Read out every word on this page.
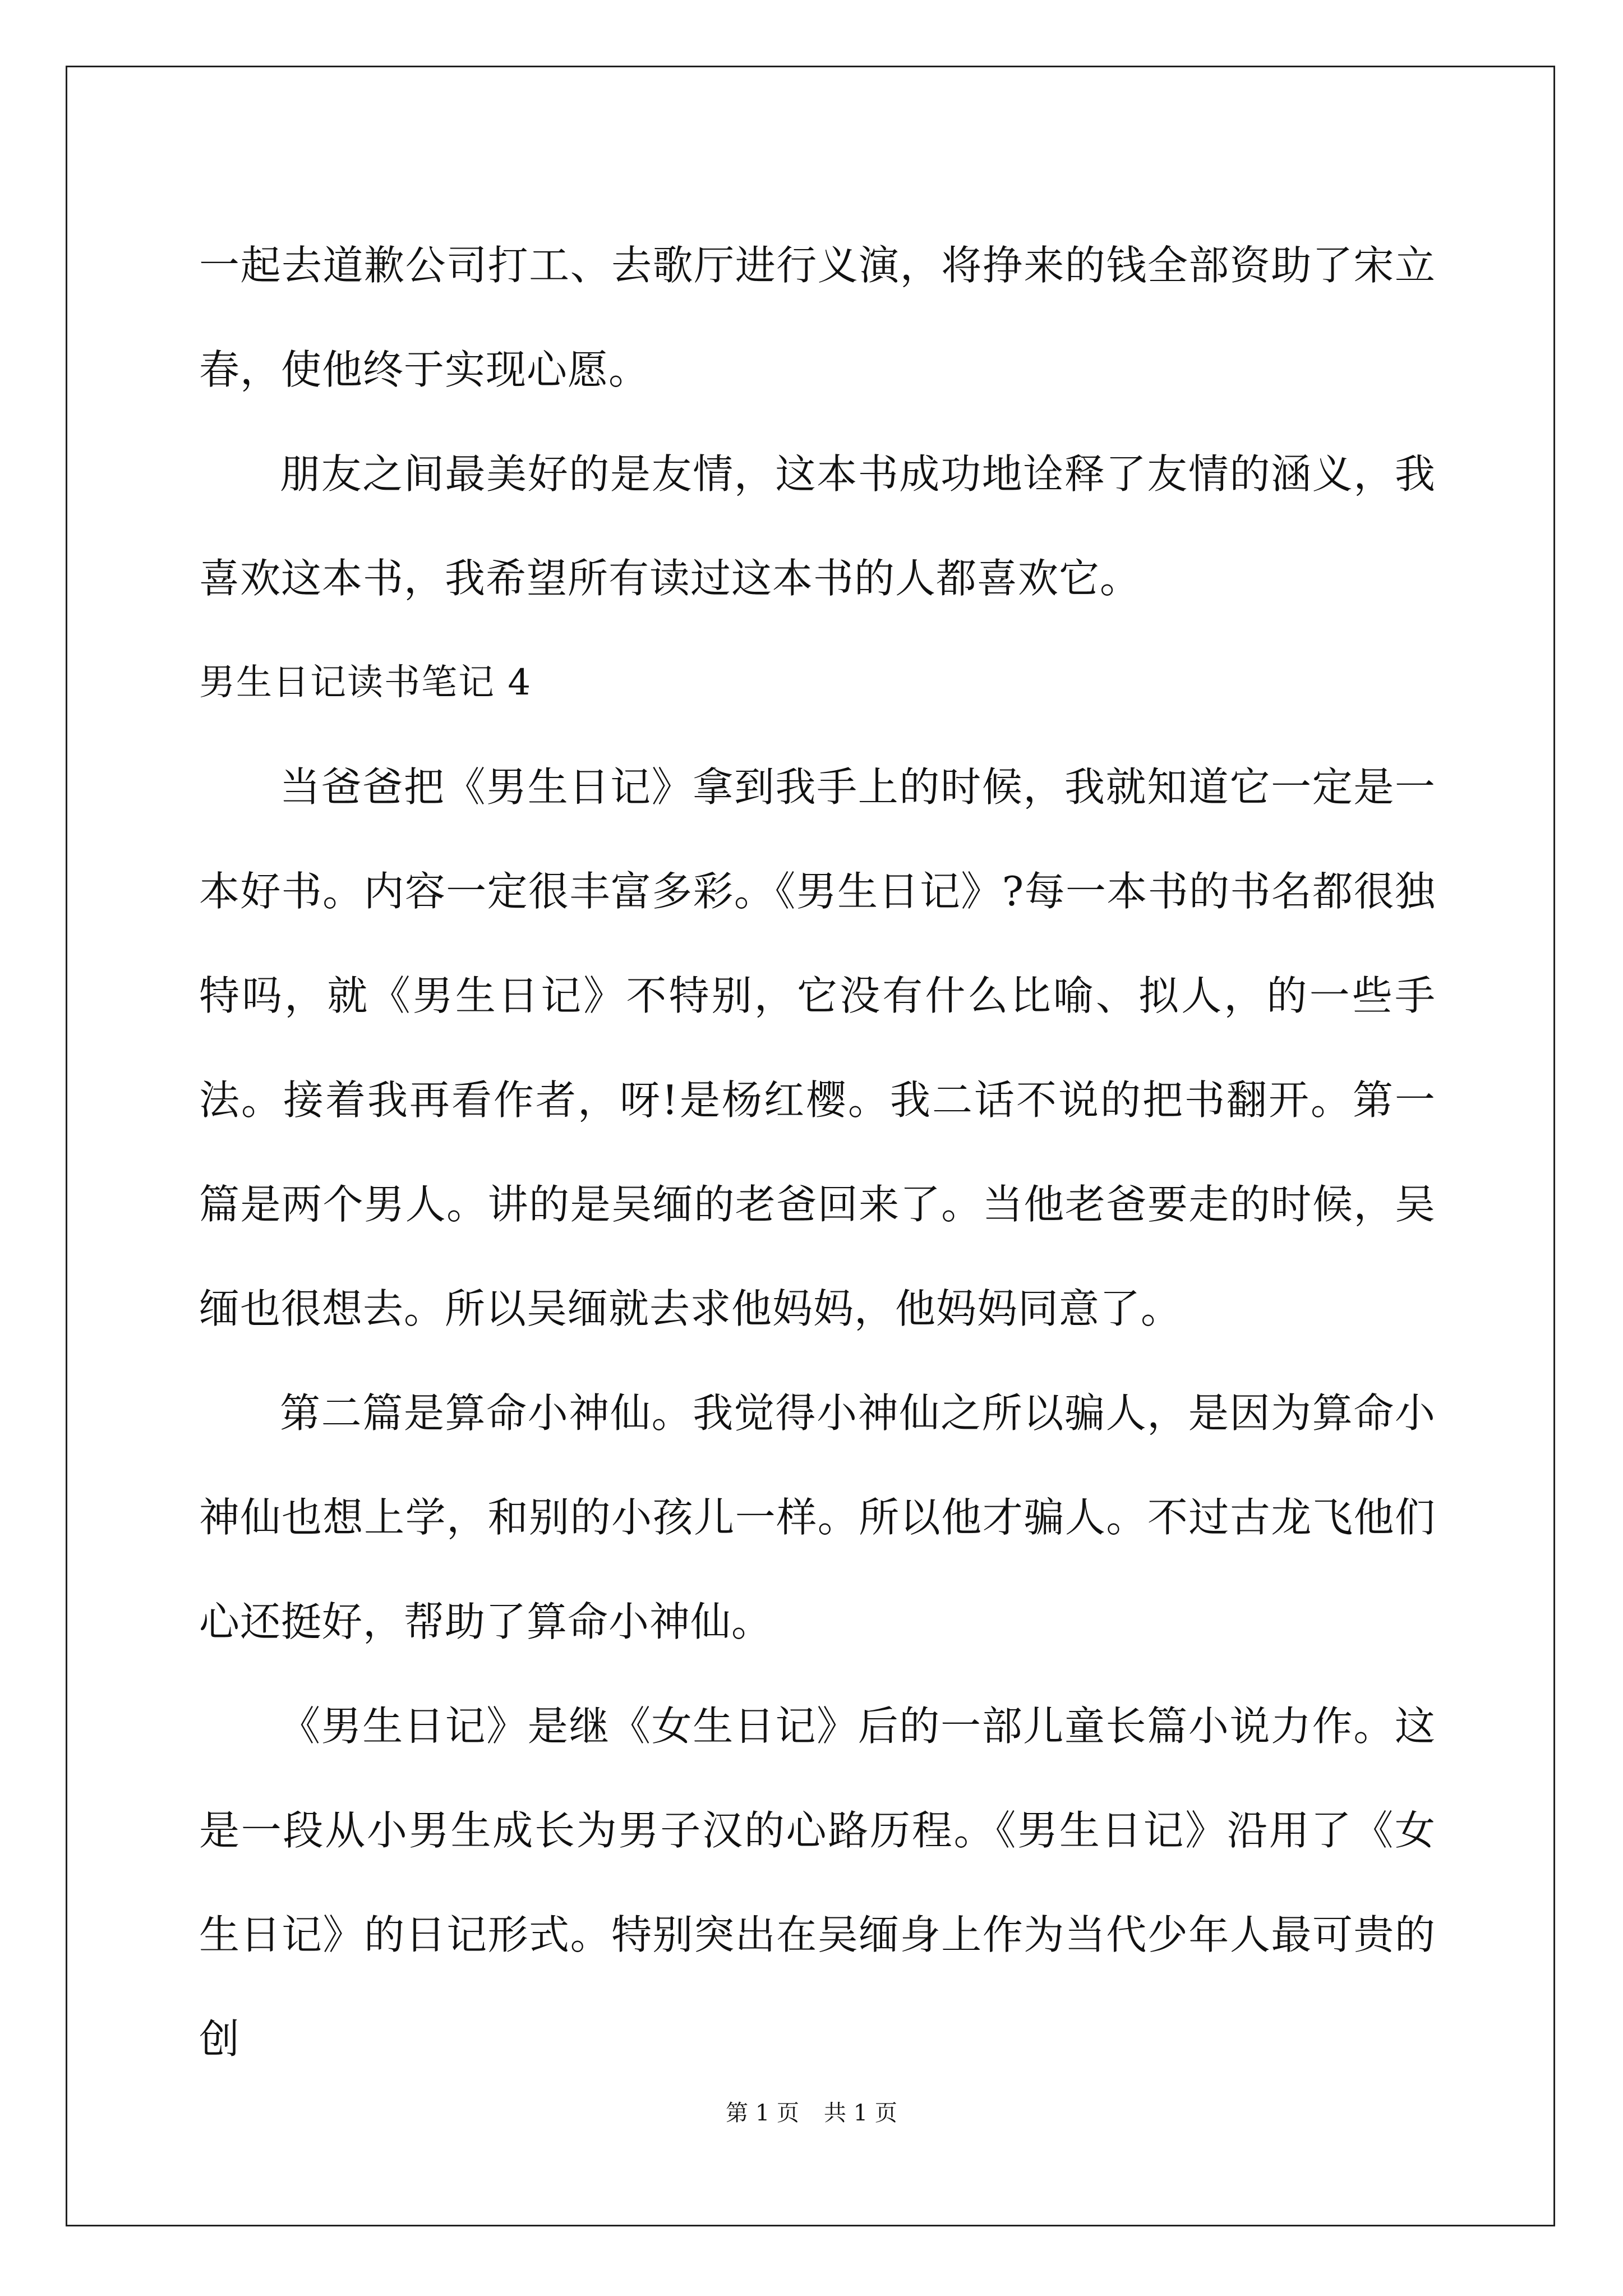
一起去道歉公司打工、去歌厅进行义演，将挣来的钱全部资助了宋立春，使他终于实现心愿。

朋友之间最美好的是友情，这本书成功地诠释了友情的涵义，我喜欢这本书，我希望所有读过这本书的人都喜欢它。

男生日记读书笔记 4

当爸爸把《男生日记》拿到我手上的时候，我就知道它一定是一本好书。内容一定很丰富多彩。《男生日记》?每一本书的书名都很独特吗，就《男生日记》不特别，它没有什么比喻、拟人，的一些手法。接着我再看作者，呀!是杨红樱。我二话不说的把书翻开。第一篇是两个男人。讲的是吴缅的老爸回来了。当他老爸要走的时候，吴缅也很想去。所以吴缅就去求他妈妈，他妈妈同意了。

第二篇是算命小神仙。我觉得小神仙之所以骗人，是因为算命小神仙也想上学，和别的小孩儿一样。所以他才骗人。不过古龙飞他们心还挺好，帮助了算命小神仙。

《男生日记》是继《女生日记》后的一部儿童长篇小说力作。这是一段从小男生成长为男子汉的心路历程。《男生日记》沿用了《女生日记》的日记形式。特别突出在吴缅身上作为当代少年人最可贵的创

第 1 页 共 1 页
